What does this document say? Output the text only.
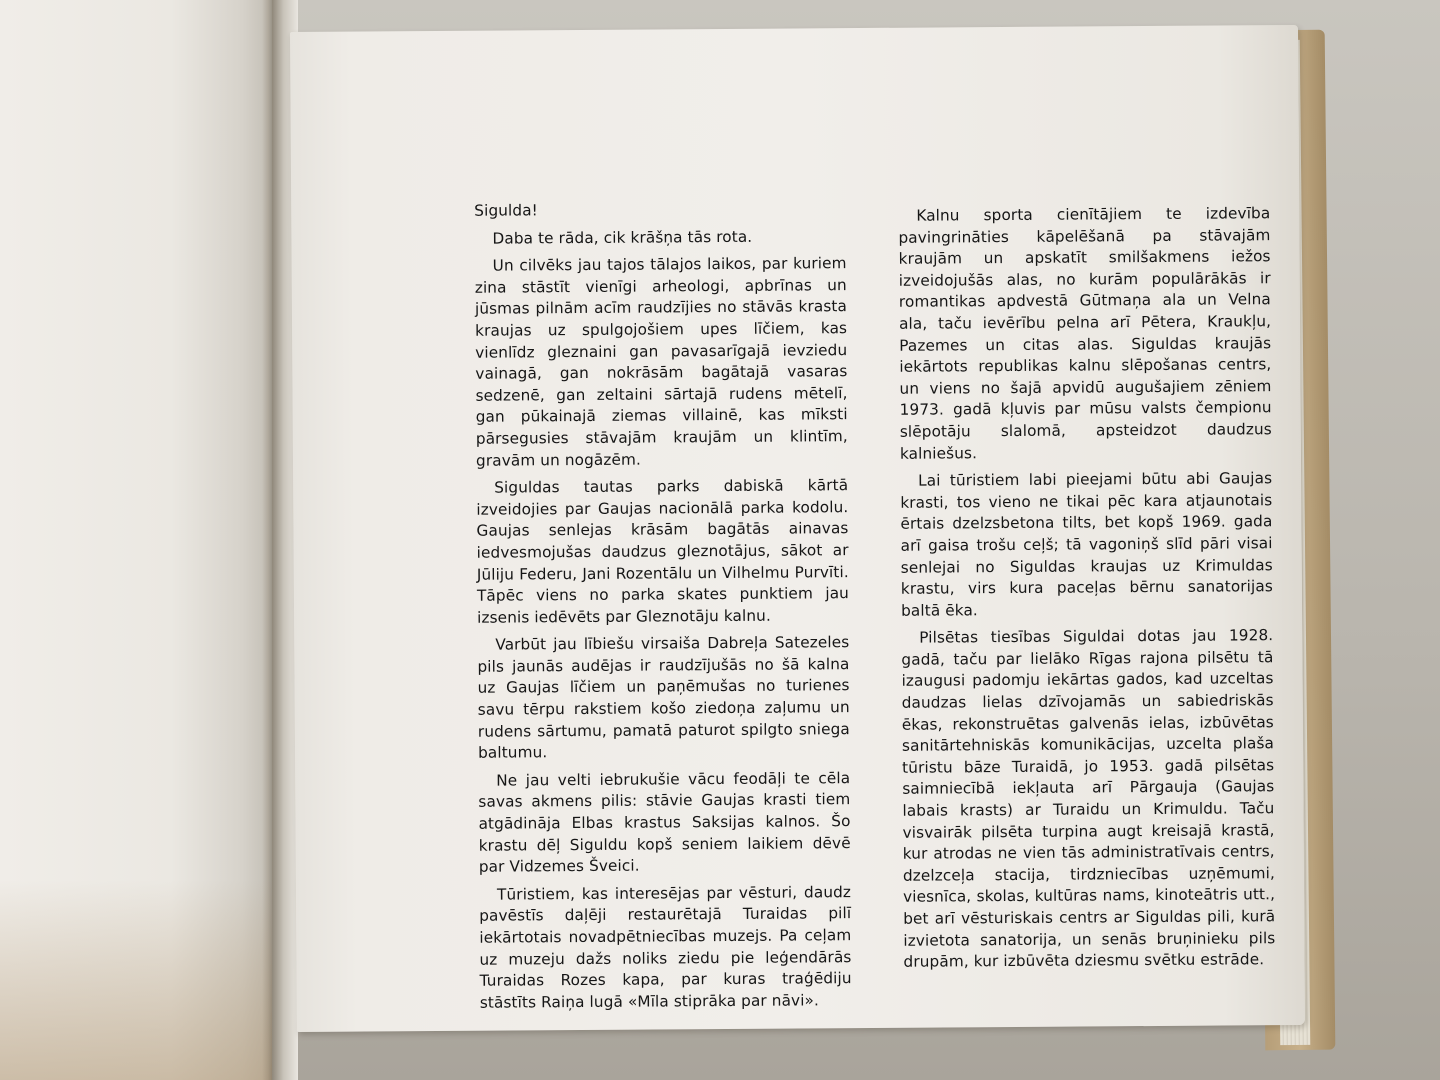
Sigulda!

Daba te rāda, cik krāšņa tās rota.

Un cilvēks jau tajos tālajos laikos, par kuriem zina stāstīt vienīgi arheologi, apbrīnas un jūsmas pilnām acīm raudzījies no stāvās krasta kraujas uz spulgojošiem upes līčiem, kas vienlīdz gleznaini gan pavasarīgajā ievziedu vainagā, gan nokrāsām bagātajā vasaras sedzenē, gan zeltaini sārtajā rudens mētelī, gan pūkainajā ziemas villainē, kas mīksti pārsegusies stāvajām kraujām un klintīm, gravām un nogāzēm.

Siguldas tautas parks dabiskā kārtā izveidojies par Gaujas nacionālā parka kodolu. Gaujas senlejas krāsām bagātās ainavas iedvesmojušas daudzus gleznotājus, sākot ar Jūliju Federu, Jani Rozentālu un Vilhelmu Purvīti. Tāpēc viens no parka skates punktiem jau izsenis iedēvēts par Gleznotāju kalnu.

Varbūt jau lībiešu virsaiša Dabreļa Satezeles pils jaunās audējas ir raudzījušās no šā kalna uz Gaujas līčiem un paņēmušas no turienes savu tērpu rakstiem košo ziedoņa zaļumu un rudens sārtumu, pamatā paturot spilgto sniega baltumu.

Ne jau velti iebrukušie vācu feodāļi te cēla savas akmens pilis: stāvie Gaujas krasti tiem atgādināja Elbas krastus Saksijas kalnos. Šo krastu dēļ Siguldu kopš seniem laikiem dēvē par Vidzemes Šveici.

Tūristiem, kas interesējas par vēsturi, daudz pavēstīs daļēji restaurētajā Turaidas pilī iekārtotais novadpētniecības muzejs. Pa ceļam uz muzeju dažs noliks ziedu pie leģendārās Turaidas Rozes kapa, par kuras traģēdiju stāstīts Raiņa lugā «Mīla stiprāka par nāvi».

Kalnu sporta cienītājiem te izdevība pavingrināties kāpelēšanā pa stāvajām kraujām un apskatīt smilšakmens iežos izveidojušās alas, no kurām populārākās ir romantikas apdvestā Gūtmaņa ala un Velna ala, taču ievērību pelna arī Pētera, Kraukļu, Pazemes un citas alas. Siguldas kraujās iekārtots republikas kalnu slēpošanas centrs, un viens no šajā apvidū augušajiem zēniem 1973. gadā kļuvis par mūsu valsts čempionu slēpotāju slalomā, apsteidzot daudzus kalniešus.

Lai tūristiem labi pieejami būtu abi Gaujas krasti, tos vieno ne tikai pēc kara atjaunotais ērtais dzelzsbetona tilts, bet kopš 1969. gada arī gaisa trošu ceļš; tā vagoniņš slīd pāri visai senlejai no Siguldas kraujas uz Krimuldas krastu, virs kura paceļas bērnu sanatorijas baltā ēka.

Pilsētas tiesības Siguldai dotas jau 1928. gadā, taču par lielāko Rīgas rajona pilsētu tā izaugusi padomju iekārtas gados, kad uzceltas daudzas lielas dzīvojamās un sabiedriskās ēkas, rekonstruētas galvenās ielas, izbūvētas sanitārtehniskās komunikācijas, uzcelta plaša tūristu bāze Turaidā, jo 1953. gadā pilsētas saimniecībā iekļauta arī Pārgauja (Gaujas labais krasts) ar Turaidu un Krimuldu. Taču visvairāk pilsēta turpina augt kreisajā krastā, kur atrodas ne vien tās administratīvais centrs, dzelzceļa stacija, tirdzniecības uzņēmumi, viesnīca, skolas, kultūras nams, kinoteātris utt., bet arī vēsturiskais centrs ar Siguldas pili, kurā izvietota sanatorija, un senās bruņinieku pils drupām, kur izbūvēta dziesmu svētku estrāde.
